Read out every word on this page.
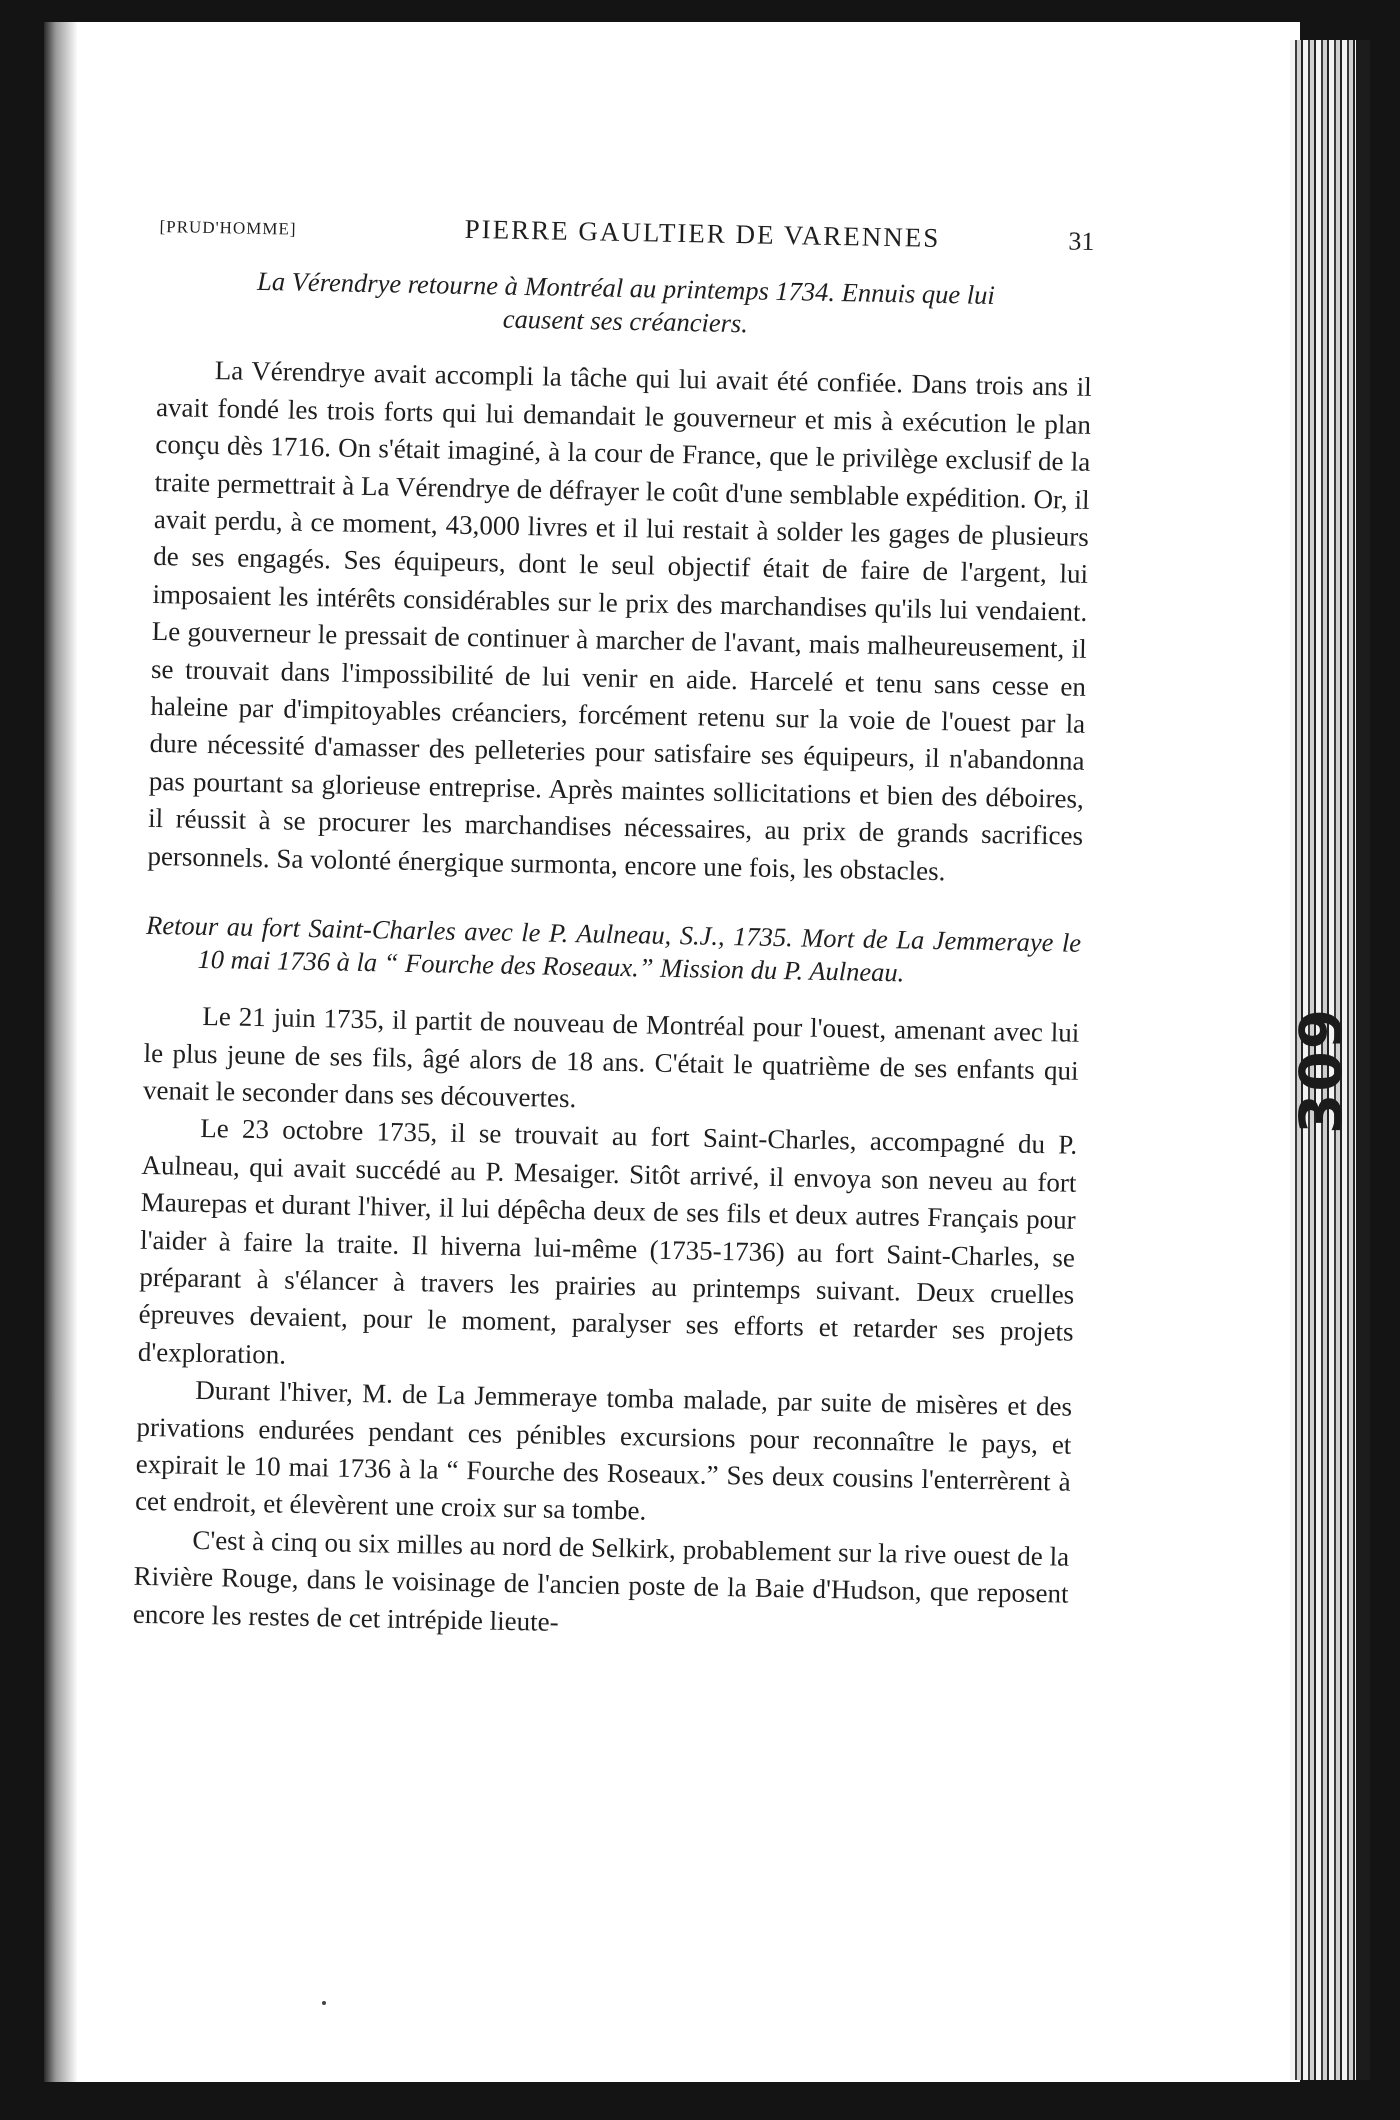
309
[PRUD'HOMME]	PIERRE GAULTIER DE VARENNES	31
La Vérendrye retourne à Montréal au printemps 1734. Ennuis que lui
causent ses créanciers.

La Vérendrye avait accompli la tâche qui lui avait été confiée. Dans trois ans il avait fondé les trois forts qui lui demandait le gouverneur et mis à exécution le plan conçu dès 1716. On s'était imaginé, à la cour de France, que le privilège exclusif de la traite permettrait à La Vérendrye de défrayer le coût d'une semblable expédition. Or, il avait perdu, à ce moment, 43,000 livres et il lui restait à solder les gages de plusieurs de ses engagés. Ses équipeurs, dont le seul objectif était de faire de l'argent, lui imposaient les intérêts considérables sur le prix des marchandises qu'ils lui vendaient. Le gouverneur le pressait de continuer à marcher de l'avant, mais malheureusement, il se trouvait dans l'impossibilité de lui venir en aide. Harcelé et tenu sans cesse en haleine par d'impitoyables créanciers, forcément retenu sur la voie de l'ouest par la dure nécessité d'amasser des pelleteries pour satisfaire ses équipeurs, il n'abandonna pas pourtant sa glorieuse entreprise. Après maintes sollicitations et bien des déboires, il réussit à se procurer les marchandises nécessaires, au prix de grands sacrifices personnels. Sa volonté énergique surmonta, encore une fois, les obstacles.

Retour au fort Saint-Charles avec le P. Aulneau, S.J., 1735. Mort de La Jemmeraye le 10 mai 1736 à la “ Fourche des Roseaux.” Mission du P. Aulneau.

Le 21 juin 1735, il partit de nouveau de Montréal pour l'ouest, amenant avec lui le plus jeune de ses fils, âgé alors de 18 ans. C'était le quatrième de ses enfants qui venait le seconder dans ses découvertes.

Le 23 octobre 1735, il se trouvait au fort Saint-Charles, accompagné du P. Aulneau, qui avait succédé au P. Mesaiger. Sitôt arrivé, il envoya son neveu au fort Maurepas et durant l'hiver, il lui dépêcha deux de ses fils et deux autres Français pour l'aider à faire la traite. Il hiverna lui-même (1735-1736) au fort Saint-Charles, se préparant à s'élancer à travers les prairies au printemps suivant. Deux cruelles épreuves devaient, pour le moment, paralyser ses efforts et retarder ses projets d'exploration.

Durant l'hiver, M. de La Jemmeraye tomba malade, par suite de misères et des privations endurées pendant ces pénibles excursions pour reconnaître le pays, et expirait le 10 mai 1736 à la “ Fourche des Roseaux.” Ses deux cousins l'enterrèrent à cet endroit, et élevèrent une croix sur sa tombe.

C'est à cinq ou six milles au nord de Selkirk, probablement sur la rive ouest de la Rivière Rouge, dans le voisinage de l'ancien poste de la Baie d'Hudson, que reposent encore les restes de cet intrépide lieute-
